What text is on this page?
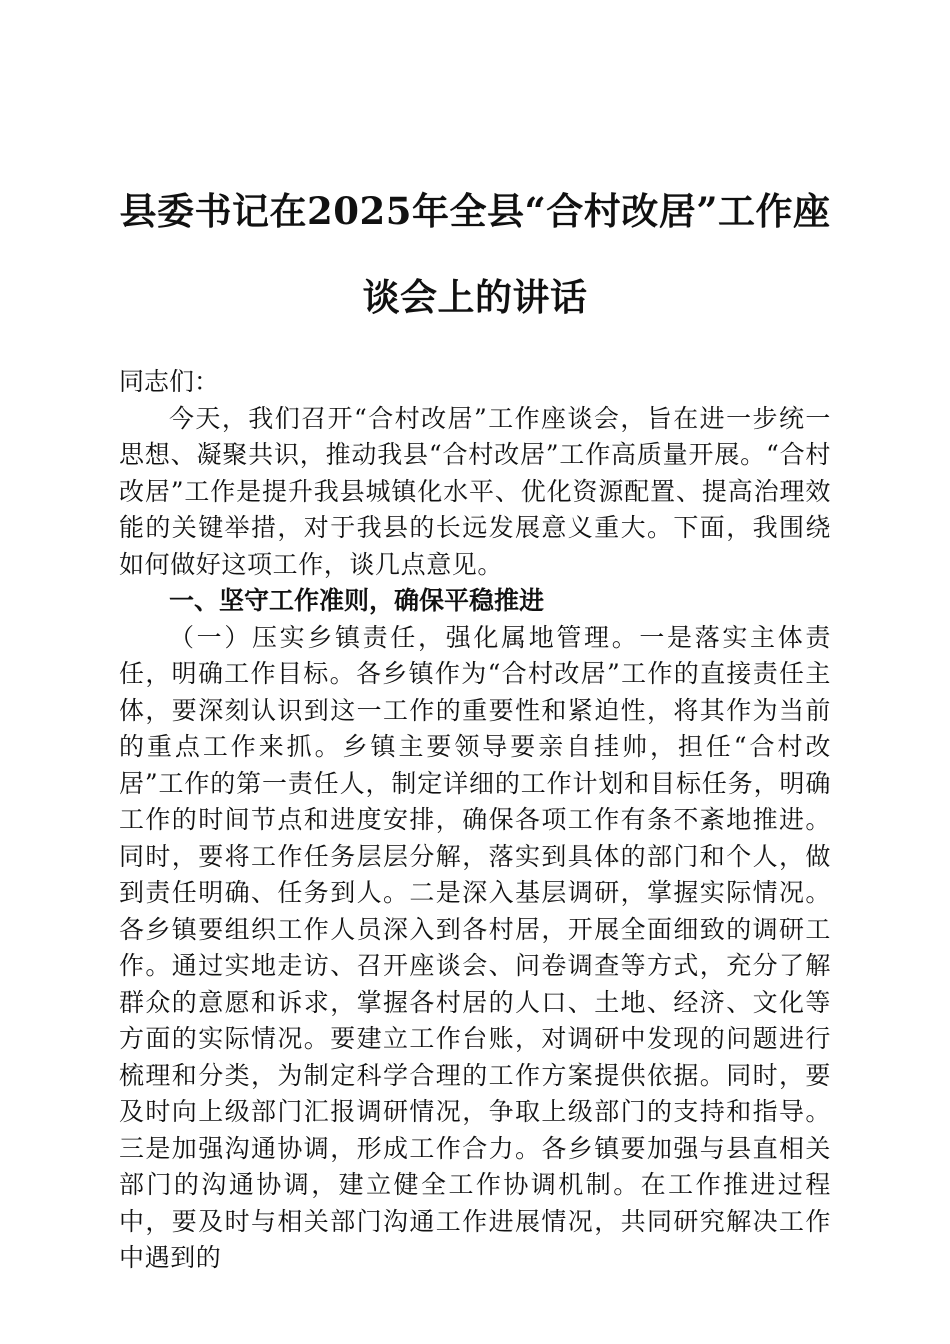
县委书记在2025年全县“合村改居”工作座
谈会上的讲话

同志们：

今天，我们召开“合村改居”工作座谈会，旨在进一步统一思想、凝聚共识，推动我县“合村改居”工作高质量开展。“合村改居”工作是提升我县城镇化水平、优化资源配置、提高治理效能的关键举措，对于我县的长远发展意义重大。下面，我围绕如何做好这项工作，谈几点意见。

一、坚守工作准则，确保平稳推进

（一）压实乡镇责任，强化属地管理。一是落实主体责任，明确工作目标。各乡镇作为“合村改居”工作的直接责任主体，要深刻认识到这一工作的重要性和紧迫性，将其作为当前的重点工作来抓。乡镇主要领导要亲自挂帅，担任“合村改居”工作的第一责任人，制定详细的工作计划和目标任务，明确工作的时间节点和进度安排，确保各项工作有条不紊地推进。同时，要将工作任务层层分解，落实到具体的部门和个人，做到责任明确、任务到人。二是深入基层调研，掌握实际情况。各乡镇要组织工作人员深入到各村居，开展全面细致的调研工作。通过实地走访、召开座谈会、问卷调查等方式，充分了解群众的意愿和诉求，掌握各村居的人口、土地、经济、文化等方面的实际情况。要建立工作台账，对调研中发现的问题进行梳理和分类，为制定科学合理的工作方案提供依据。同时，要及时向上级部门汇报调研情况，争取上级部门的支持和指导。三是加强沟通协调，形成工作合力。各乡镇要加强与县直相关部门的沟通协调，建立健全工作协调机制。在工作推进过程中，要及时与相关部门沟通工作进展情况，共同研究解决工作中遇到的
